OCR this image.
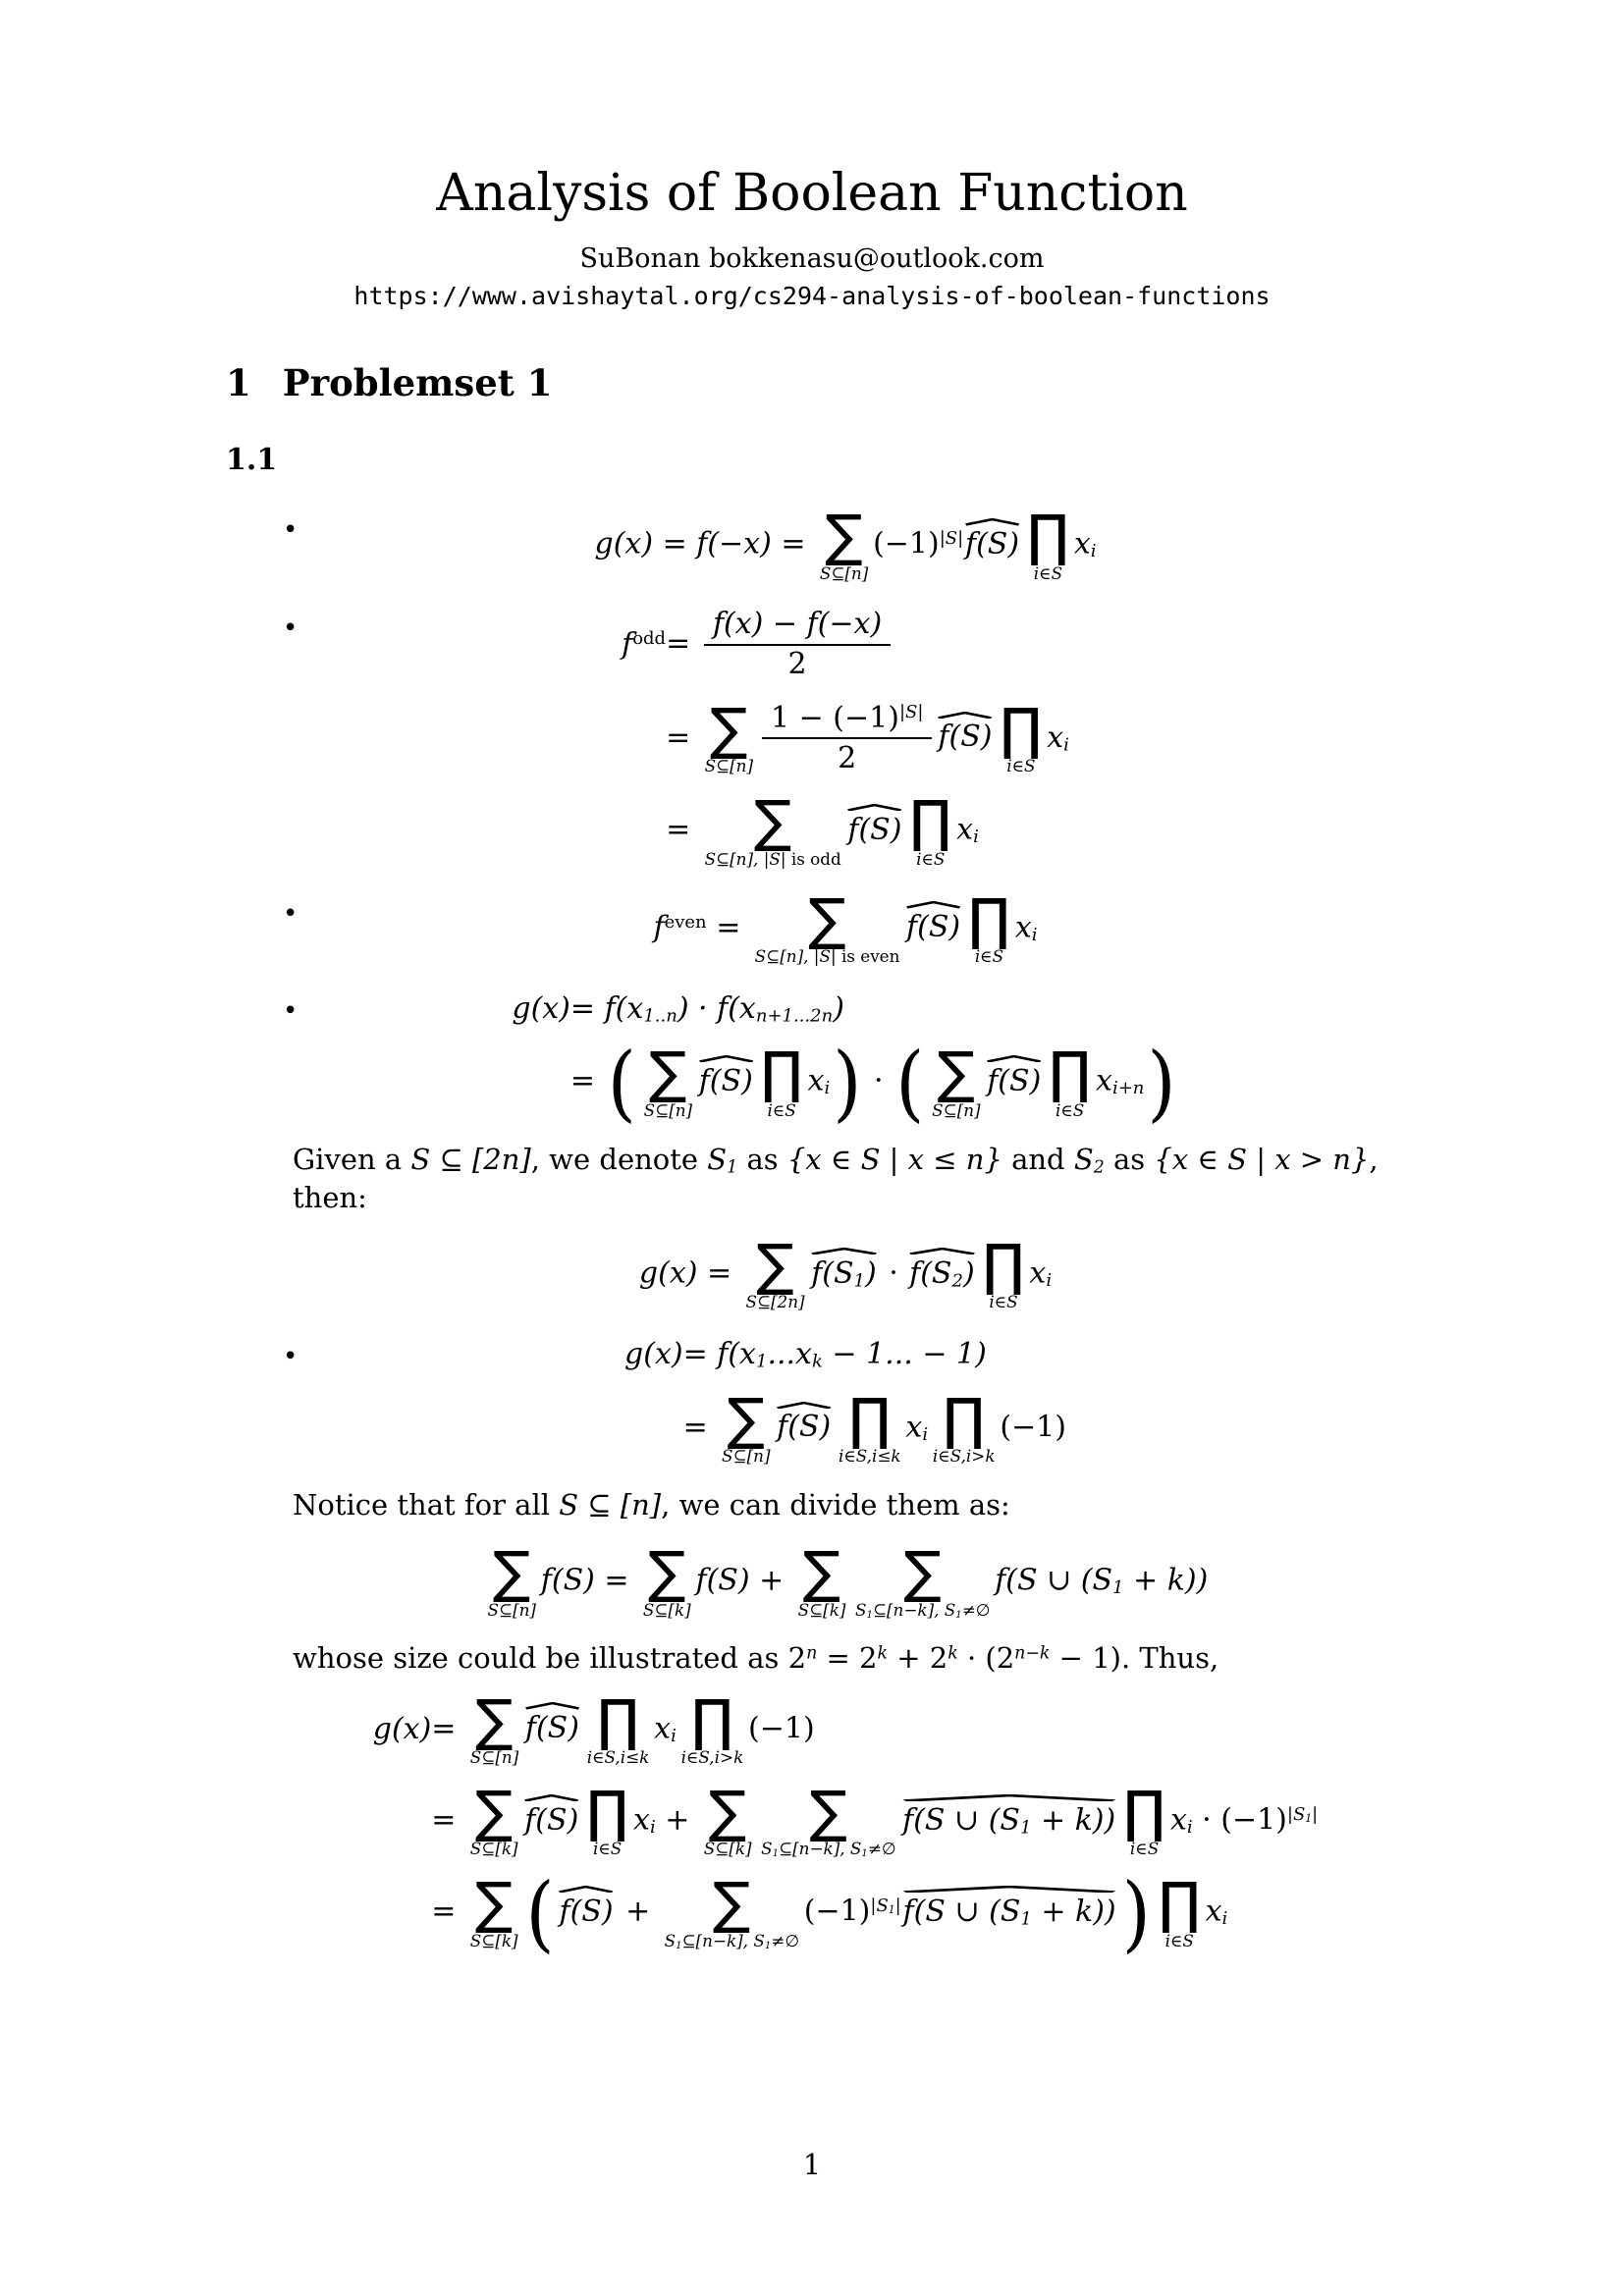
Analysis of Boolean Function
SuBonan bokkenasu@outlook.com
https://www.avishaytal.org/cs294-analysis-of-boolean-functions
1 Problemset 1
1.1
•	g(x) = f(−x) = ∑
S⊆[n]
$(-1)^{|S|}$
f(S) ∏
i∈S
$x_i$
•	$f^{odd} = \frac{f(x) - f(-x)}{2}$
= ∑
S⊆[n] $\frac{1 - (-1)^{|S|}}{2} f(S)$ ∏
i∈S
$x_i$
= ∑
S⊆[n], |S| is odd
f(S) ∏
i∈S
$x_i$
•	$f^{even}$ = ∑
S⊆[n], |S| is even
f(S) ∏
i∈S
$x_i$
•	$g(x) = f(x_{1..n}) \cdot f(x_{n+1...2n})$
= ( ∑
S⊆[n]
f(S) ∏
i∈S
$x_i$) · ( ∑
S⊆[n]
f(S) ∏
i∈S
$x_{i+n}$)

Given a S ⊆ [2n], we denote $S_1$ as {x ∈ S | x ≤ n} and $S_2$ as {x ∈ S | x > n}, then:

g(x) = ∑
S⊆[2n]
$f(S_1)$ ·
$f(S_2)$ ∏
i∈S
$x_i$
•	$g(x) = f(x_1...x_k - 1$... − 1)
= ∑
S⊆[n]
f(S) ∏
i∈S,i≤k
$x_i$ ∏
i∈S,i>k
(−1)

Notice that for all S ⊆ [n], we can divide them as:

∑
S⊆[n]
f(S) = ∑
S⊆[k]
f(S) + ∑
S⊆[k]
∑
$S_1⊆[n-k]$, $S_1\ne\emptyset$
f(S ∪ $(S_1 + k)$)

whose size could be illustrated as $2^n = 2^k + 2^k \cdot (2^{n-k} - 1)$. Thus,

g(x) = ∑
S⊆[n]
f(S) ∏
i∈S,i≤k
$x_i$ ∏
i∈S,i>k
(−1)
= ∑
S⊆[k]
f(S) ∏
i∈S
$x_i$ + ∑
S⊆[k]
∑
$S_1⊆[n-k]$, $S_1\ne\emptyset$
f(S ∪ $(S_1 + k)$) ∏
i∈S
$x_i \cdot (-1)^{|S_1|}$
= ∑
S⊆[k] ( f(S) + ∑
$S_1⊆[n-k]$, $S_1\ne\emptyset$
$(-1)^{|S_1|}$
f(S ∪ $(S_1 + k)$)) ∏
i∈S
$x_i$
1
